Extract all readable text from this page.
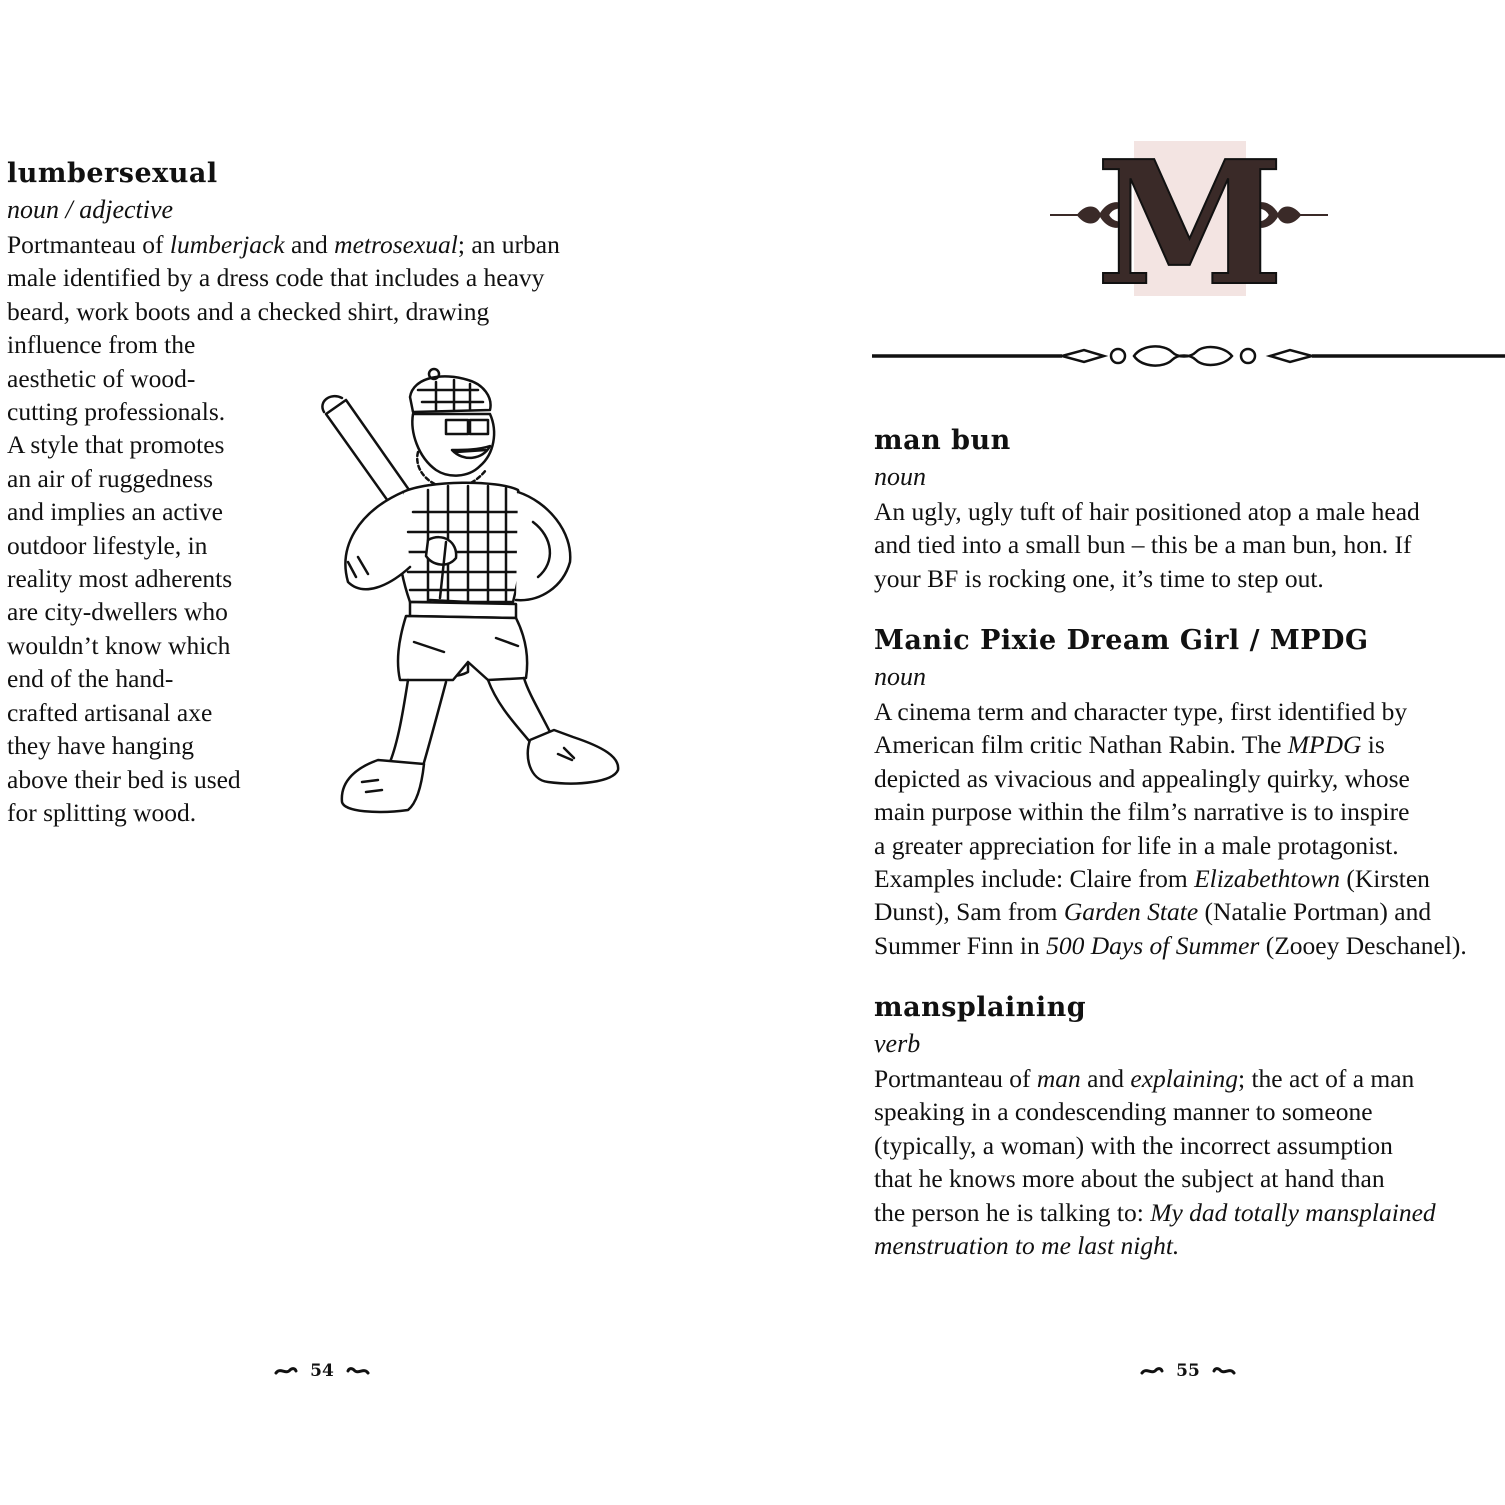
lumbersexual
noun / adjective
Portmanteau of lumberjack and metrosexual; an urban
male identified by a dress code that includes a heavy
beard, work boots and a checked shirt, drawing
influence from the
aesthetic of wood-
cutting professionals.
A style that promotes
an air of ruggedness
and implies an active
outdoor lifestyle, in
reality most adherents
are city-dwellers who
wouldn’t know which
end of the hand-
crafted artisanal axe
they have hanging
above their bed is used
for splitting wood.
54
M
man bun
noun
An ugly, ugly tuft of hair positioned atop a male head
and tied into a small bun – this be a man bun, hon. If
your BF is rocking one, it’s time to step out.
Manic Pixie Dream Girl / MPDG
noun
A cinema term and character type, first identified by
American film critic Nathan Rabin. The MPDG is
depicted as vivacious and appealingly quirky, whose
main purpose within the film’s narrative is to inspire
a greater appreciation for life in a male protagonist.
Examples include: Claire from Elizabethtown (Kirsten
Dunst), Sam from Garden State (Natalie Portman) and
Summer Finn in 500 Days of Summer (Zooey Deschanel).
mansplaining
verb
Portmanteau of man and explaining; the act of a man
speaking in a condescending manner to someone
(typically, a woman) with the incorrect assumption
that he knows more about the subject at hand than
the person he is talking to: My dad totally mansplained
menstruation to me last night.
55
